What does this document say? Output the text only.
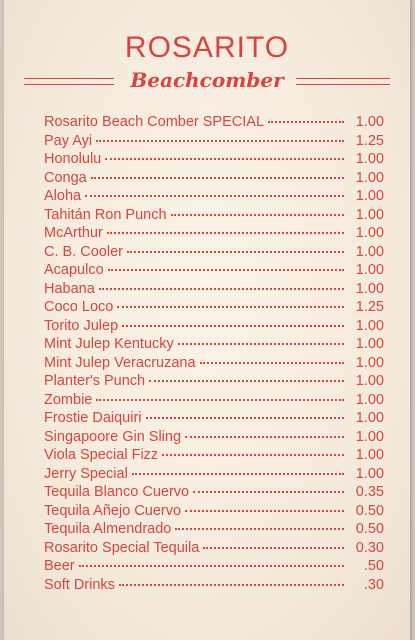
ROSARITO
Beachcomber
Rosarito Beach Comber SPECIAL	1.00
Pay Ayi	1.25
Honolulu	1.00
Conga	1.00
Aloha	1.00
Tahitán Ron Punch	1.00
McArthur	1.00
C. B. Cooler	1.00
Acapulco	1.00
Habana	1.00
Coco Loco	1.25
Torito Julep	1.00
Mint Julep Kentucky	1.00
Mint Julep Veracruzana	1.00
Planter's Punch	1.00
Zombie	1.00
Frostie Daiquiri	1.00
Singapoore Gin Sling	1.00
Viola Special Fizz	1.00
Jerry Special	1.00
Tequila Blanco Cuervo	0.35
Tequila Añejo Cuervo	0.50
Tequila Almendrado	0.50
Rosarito Special Tequila	0.30
Beer	.50
Soft Drinks	.30
